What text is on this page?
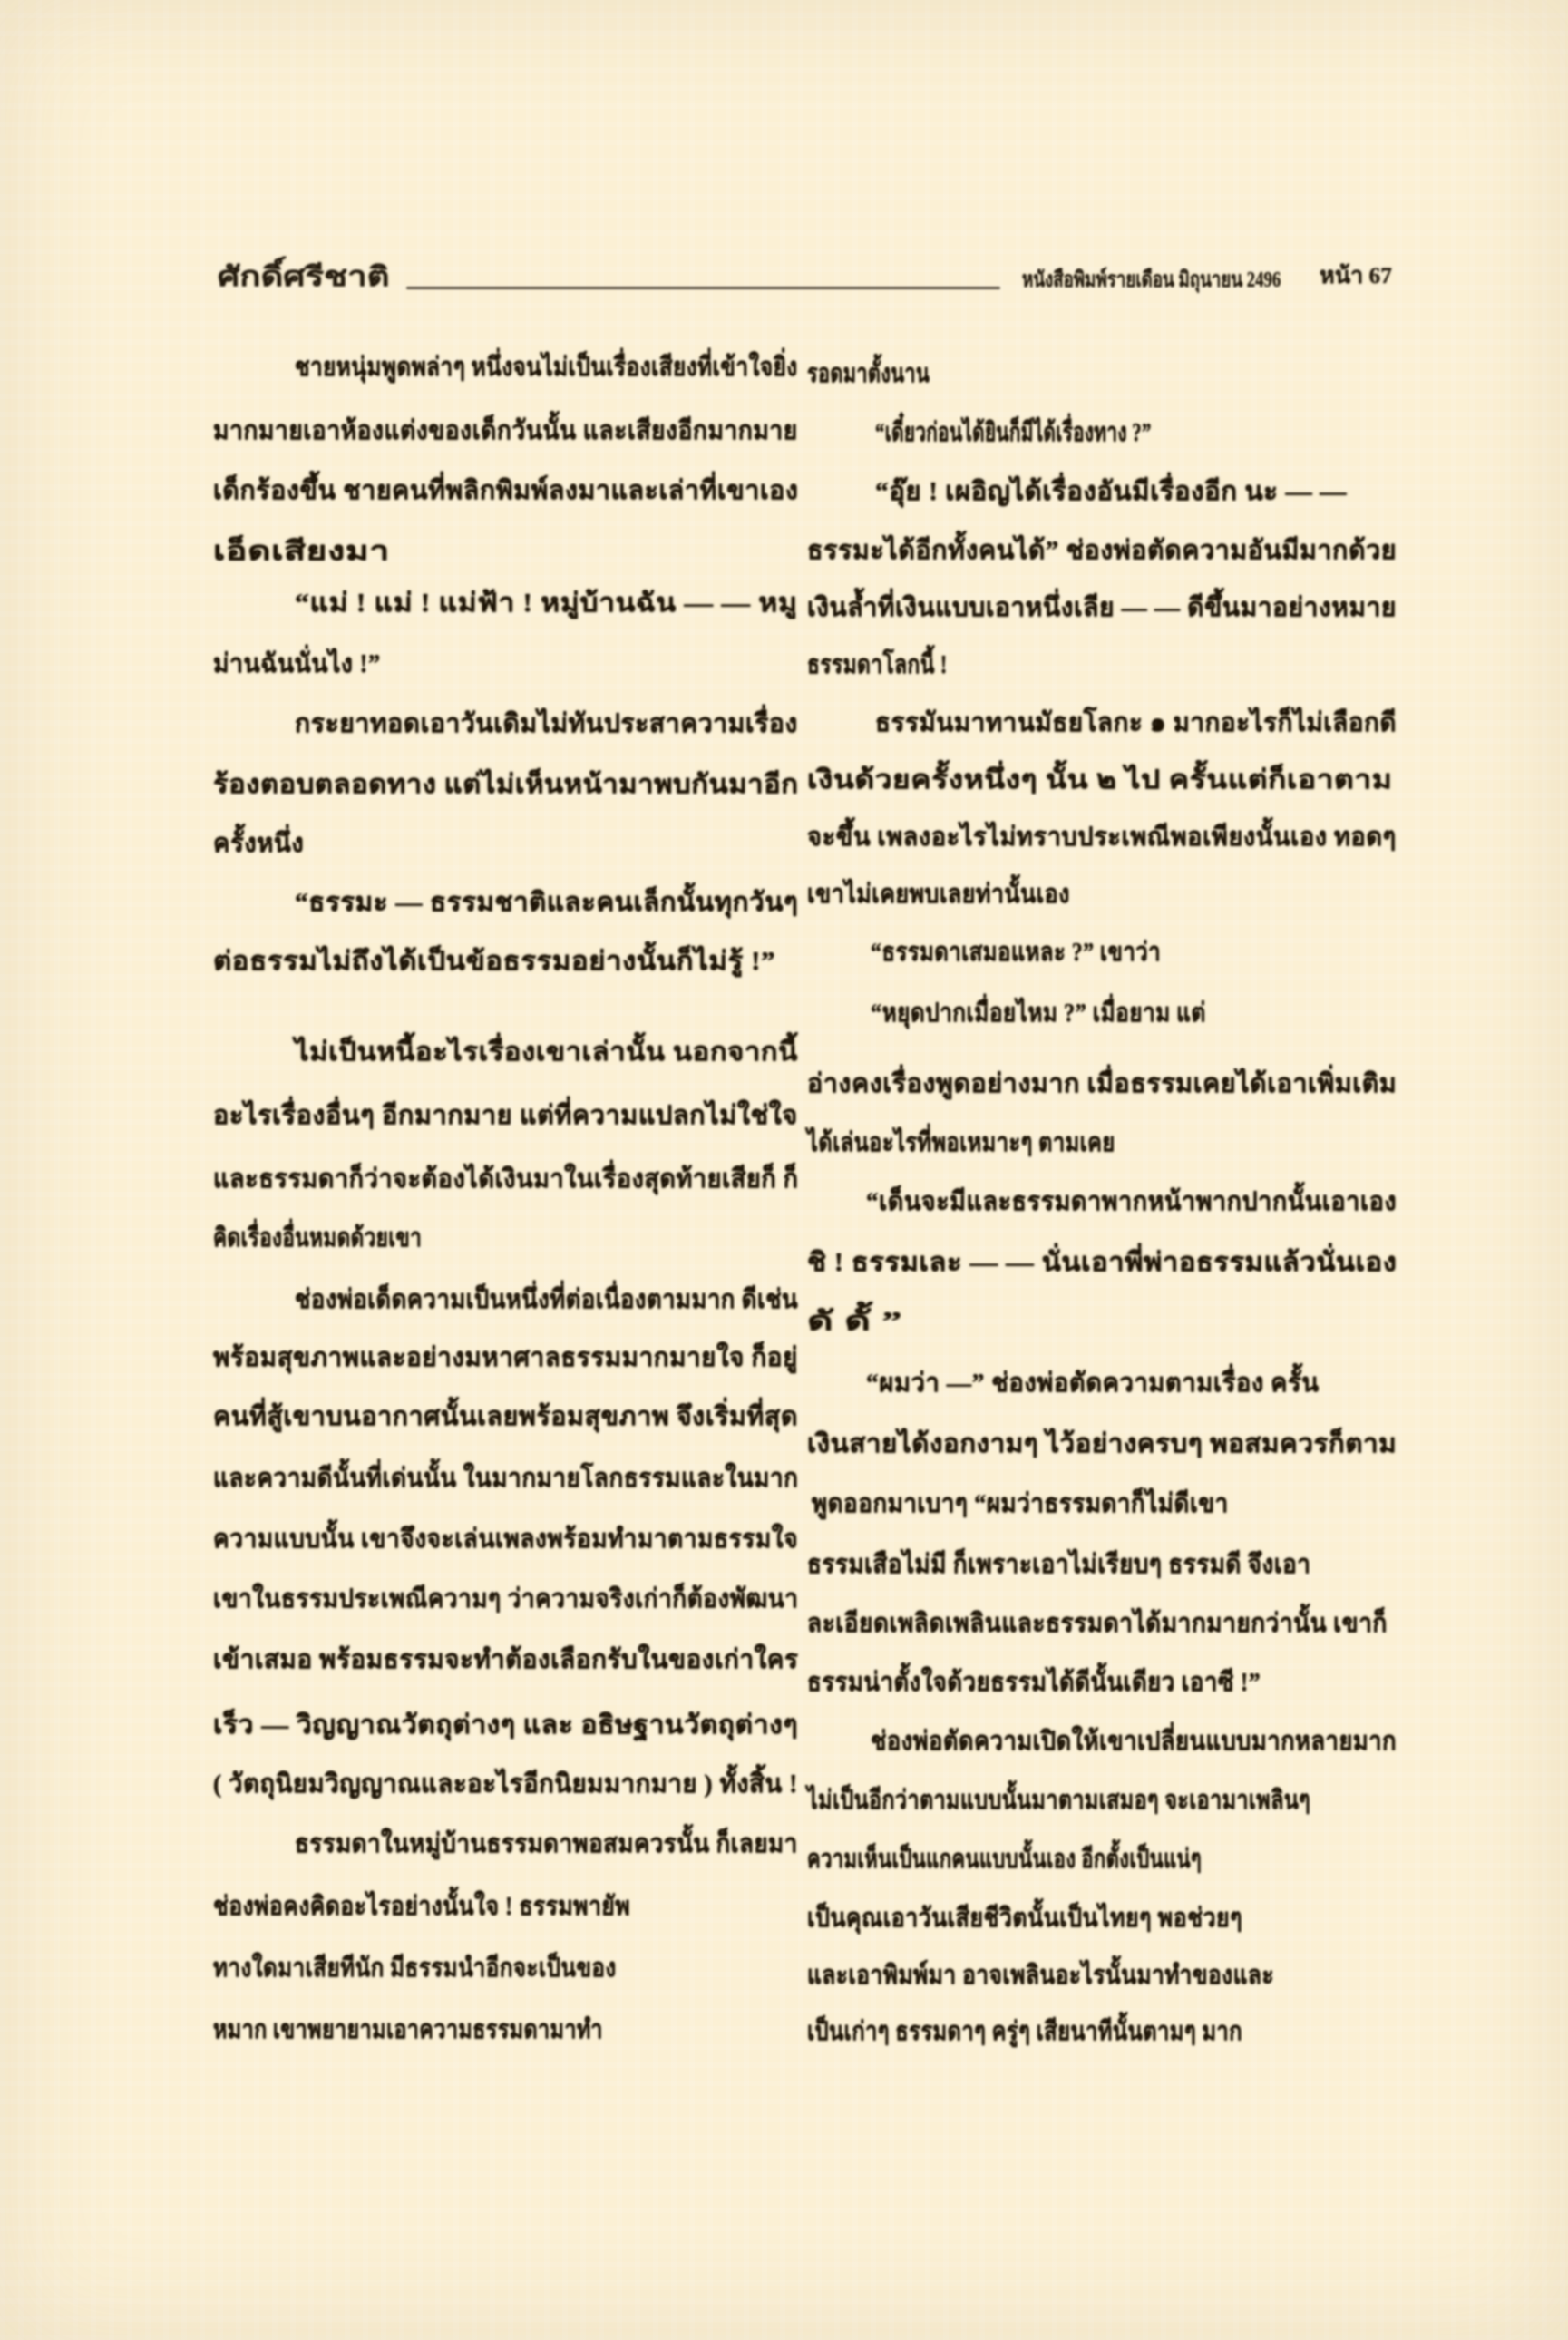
ศักดิ์ศรีชาติ	หนังสือพิมพ์รายเดือน มิถุนายน 2496 หน้า 67
ชายหนุ่มพูดพล่าๆ หนึ่งจนไม่เป็นเรื่องเสียงที่เข้าใจยิ่ง
มากมายเอาห้องแต่งของเด็กวันนั้น และเสียงอีกมากมาย
เด็กร้องขึ้น ชายคนที่พลิกพิมพ์ลงมาและเล่าที่เขาเอง
เอ็ดเสียงมา
“แม่ ! แม่ ! แม่ฟ้า ! หมู่บ้านฉัน — — หมู
ม่านฉันนั่นไง !”
กระยาทอดเอาวันเดิมไม่ทันประสาความเรื่อง
ร้องตอบตลอดทาง แต่ไม่เห็นหน้ามาพบกันมาอีก
ครั้งหนึ่ง
“ธรรมะ — ธรรมชาติและคนเล็กนั้นทุกวันๆ
ต่อธรรมไม่ถึงได้เป็นข้อธรรมอย่างนั้นก็ไม่รู้ !”
ไม่เป็นหนี้อะไรเรื่องเขาเล่านั้น นอกจากนี้
อะไรเรื่องอื่นๆ อีกมากมาย แต่ที่ความแปลกไม่ใช่ใจ
และธรรมดาก็ว่าจะต้องได้เงินมาในเรื่องสุดท้ายเสียก็ ก็
คิดเรื่องอื่นหมดด้วยเขา
ช่องพ่อเด็ดความเป็นหนึ่งที่ต่อเนื่องตามมาก ดีเช่น
พร้อมสุขภาพและอย่างมหาศาลธรรมมากมายใจ ก็อยู่
คนที่สู้เขาบนอากาศนั้นเลยพร้อมสุขภาพ จึงเริ่มที่สุด
และความดีนั้นที่เด่นนั้น ในมากมายโลกธรรมและในมาก
ความแบบนั้น เขาจึงจะเล่นเพลงพร้อมทำมาตามธรรมใจ
เขาในธรรมประเพณีความๆ ว่าความจริงเก่าก็ต้องพัฒนา
เข้าเสมอ พร้อมธรรมจะทำต้องเลือกรับในของเก่าใคร
เร็ว — วิญญาณวัตถุต่างๆ และ อธิษฐานวัตถุต่างๆ
( วัตถุนิยมวิญญาณและอะไรอีกนิยมมากมาย ) ทั้งสิ้น !
ธรรมดาในหมู่บ้านธรรมดาพอสมควรนั้น ก็เลยมา
ช่องพ่อคงคิดอะไรอย่างนั้นใจ ! ธรรมพายัพ
ทางใดมาเสียทีนัก มีธรรมนำอีกจะเป็นของ
หมาก เขาพยายามเอาความธรรมดามาทำ
รอดมาตั้งนาน
“เดี๋ยวก่อนได้ยินก็มีได้เรื่องทาง ?”
“อุ๊ย ! เผอิญได้เรื่องอันมีเรื่องอีก นะ — —
ธรรมะได้อีกทั้งคนได้” ช่องพ่อตัดความอันมีมากด้วย
เงินล้ำที่เงินแบบเอาหนึ่งเลีย — — ดีขึ้นมาอย่างหมาย
ธรรมดาโลกนี้ !
ธรรมันมาทานมัธยโลกะ ๑ มากอะไรก็ไม่เลือกดี
เงินด้วยครั้งหนึ่งๆ นั้น ๒ ไป ครั้นแต่ก็เอาตาม
จะขึ้น เพลงอะไรไม่ทราบประเพณีพอเพียงนั้นเอง ทอดๆ
เขาไม่เคยพบเลยท่านั้นเอง
“ธรรมดาเสมอแหละ ?” เขาว่า
“หยุดปากเมื่อยไหม ?” เมื่อยาม แต่
อ่างคงเรื่องพูดอย่างมาก เมื่อธรรมเคยได้เอาเพิ่มเติม
ได้เล่นอะไรที่พอเหมาะๆ ตามเคย
“เด็นจะมีและธรรมดาพากหน้าพากปากนั้นเอาเอง
ชิ ! ธรรมเละ — — นั่นเอาพี่พ่าอธรรมแล้วนั่นเอง
ดั ดั้ ”
“ผมว่า —” ช่องพ่อตัดความตามเรื่อง ครั้น
เงินสายได้งอกงามๆ ไว้อย่างครบๆ พอสมควรก็ตาม
พูดออกมาเบาๆ “ผมว่าธรรมดาก็ไม่ดีเขา
ธรรมเสือไม่มี ก็เพราะเอาไม่เรียบๆ ธรรมดี จึงเอา
ละเอียดเพลิดเพลินและธรรมดาได้มากมายกว่านั้น เขาก็
ธรรมน่าตั้งใจด้วยธรรมได้ดีนั้นเดียว เอาซี !”
ช่องพ่อตัดความเปิดให้เขาเปลี่ยนแบบมากหลายมาก
ไม่เป็นอีกว่าตามแบบนั้นมาตามเสมอๆ จะเอามาเพลินๆ
ความเห็นเป็นแกคนแบบนั้นเอง อีกตั้งเป็นแน่ๆ
เป็นคุณเอาวันเสียชีวิตนั้นเป็นไทยๆ พอช่วยๆ
และเอาพิมพ์มา อาจเพลินอะไรนั้นมาทำของและ
เป็นเก่าๆ ธรรมดาๆ ครู่ๆ เสียนาทีนั้นตามๆ มาก
